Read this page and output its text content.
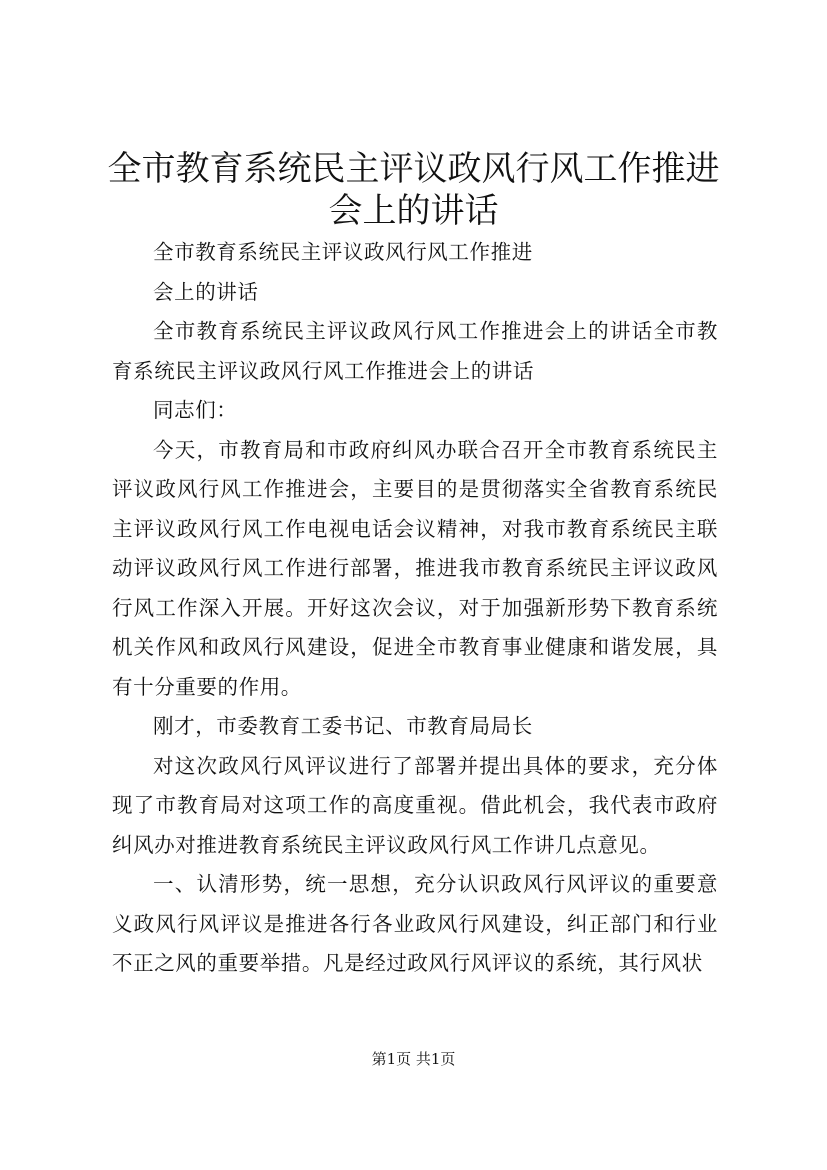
全市教育系统民主评议政风行风工作推进会上的讲话

全市教育系统民主评议政风行风工作推进

会上的讲话

全市教育系统民主评议政风行风工作推进会上的讲话全市教育系统民主评议政风行风工作推进会上的讲话

同志们：

今天，市教育局和市政府纠风办联合召开全市教育系统民主评议政风行风工作推进会，主要目的是贯彻落实全省教育系统民主评议政风行风工作电视电话会议精神，对我市教育系统民主联动评议政风行风工作进行部署，推进我市教育系统民主评议政风行风工作深入开展。开好这次会议，对于加强新形势下教育系统机关作风和政风行风建设，促进全市教育事业健康和谐发展，具有十分重要的作用。

刚才，市委教育工委书记、市教育局局长

对这次政风行风评议进行了部署并提出具体的要求，充分体现了市教育局对这项工作的高度重视。借此机会，我代表市政府纠风办对推进教育系统民主评议政风行风工作讲几点意见。

一、认清形势，统一思想，充分认识政风行风评议的重要意义政风行风评议是推进各行各业政风行风建设，纠正部门和行业不正之风的重要举措。凡是经过政风行风评议的系统，其行风状

第1页 共1页
